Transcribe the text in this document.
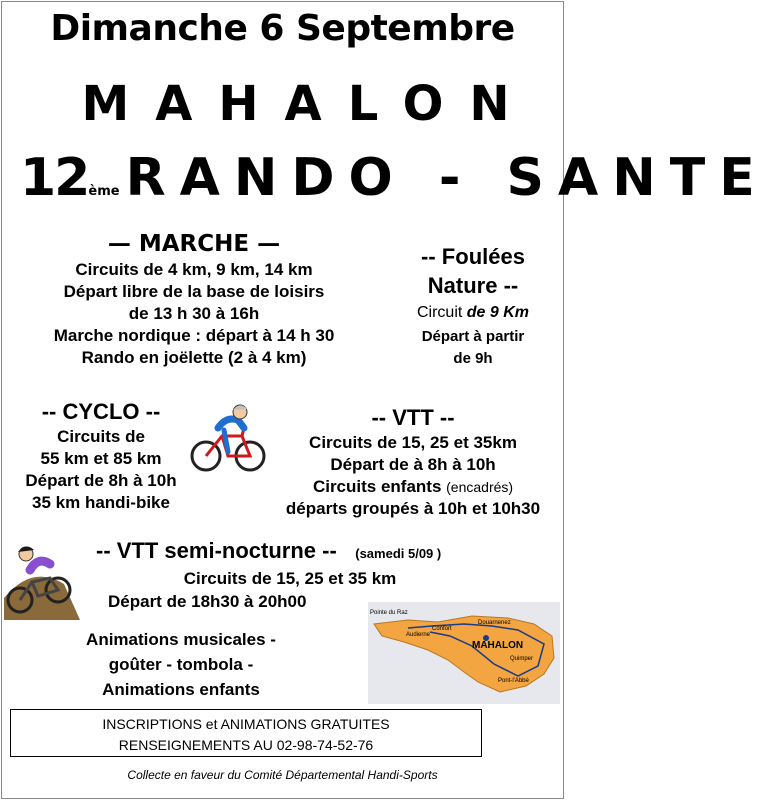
Dimanche 6 Septembre
MAHALON
12ème RANDO - SANTE
— MARCHE —
Circuits de 4 km, 9 km, 14 km
Départ libre de la base de loisirs
de 13 h 30 à 16h
Marche nordique : départ à 14 h 30
Rando en joëlette (2 à 4 km)
-- Foulées
Nature --
Circuit de 9 Km
Départ à partir
de 9h
-- CYCLO --
Circuits de
55 km et 85 km
Départ de 8h à 10h
35 km handi-bike
-- VTT --
Circuits de 15, 25 et 35km
Départ de à 8h à 10h
Circuits enfants (encadrés)
départs groupés à 10h et 10h30
-- VTT semi-nocturne -- (samedi 5/09 )
Circuits de 15, 25 et 35 km
Départ de 18h30 à 20h00
Animations musicales -
goûter - tombola -
Animations enfants
Pointe du Raz
Audierne
Confort
Douarnenez
MAHALON
Quimper
Pont-l'Abbé
INSCRIPTIONS et ANIMATIONS GRATUITES
RENSEIGNEMENTS AU 02-98-74-52-76
Collecte en faveur du Comité Départemental Handi-Sports
